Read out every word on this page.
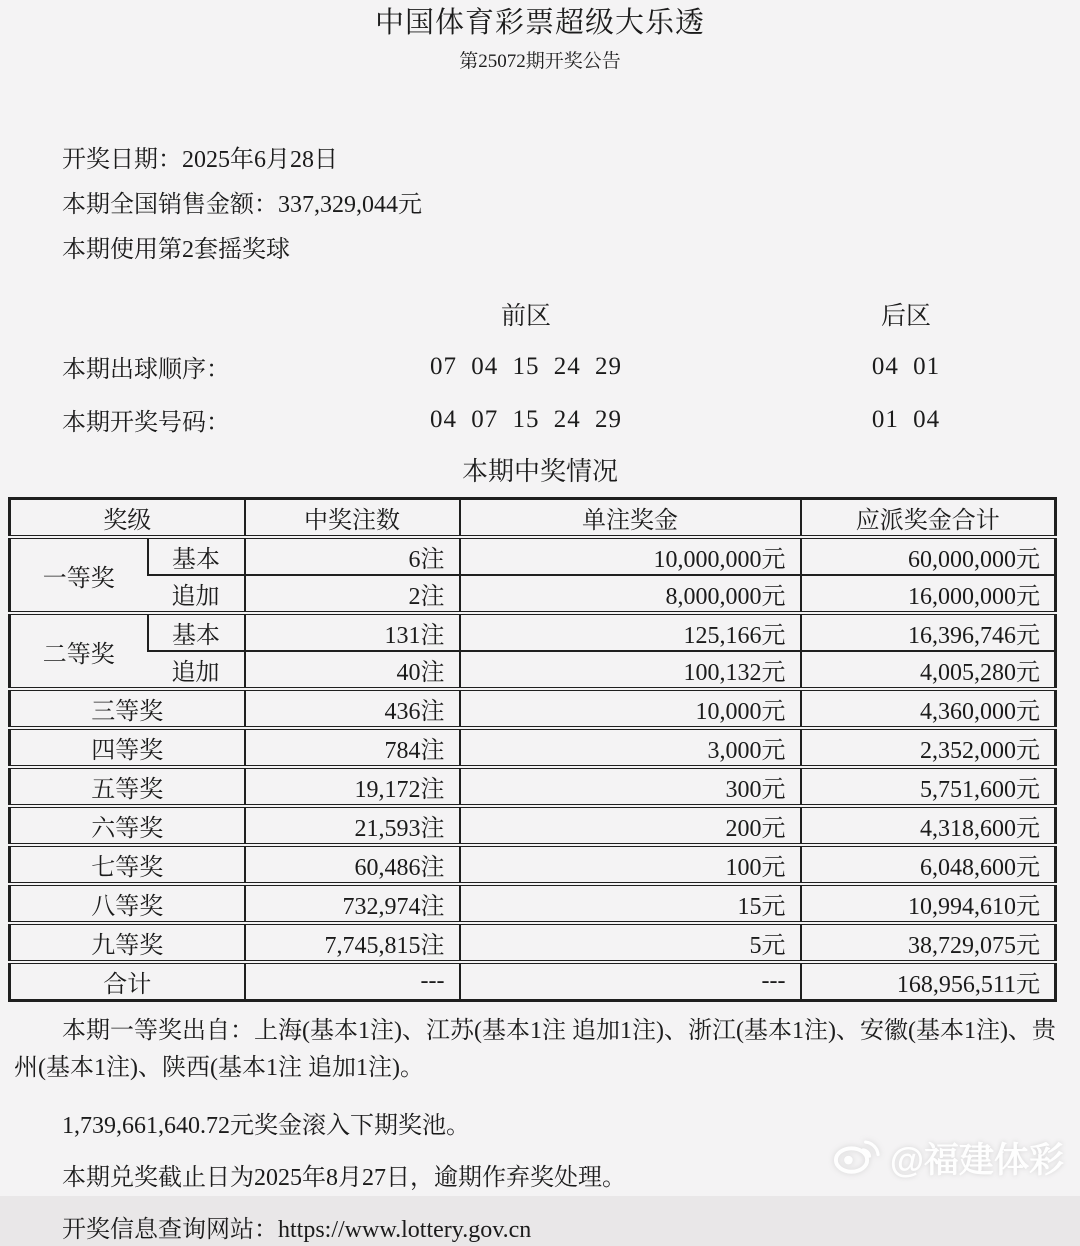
中国体育彩票超级大乐透
第25072期开奖公告
开奖日期：2025年6月28日
本期全国销售金额：337,329,044元
本期使用第2套摇奖球
前区	后区
本期出球顺序：	07 04 15 24 29	04 01
本期开奖号码：	04 07 15 24 29	01 04
本期中奖情况
奖级		中奖注数	单注奖金	应派奖金合计
一等奖	基本	6注	10,000,000元	60,000,000元
	追加	2注	8,000,000元	16,000,000元
二等奖	基本	131注	125,166元	16,396,746元
	追加	40注	100,132元	4,005,280元
三等奖		436注	10,000元	4,360,000元
四等奖		784注	3,000元	2,352,000元
五等奖		19,172注	300元	5,751,600元
六等奖		21,593注	200元	4,318,600元
七等奖		60,486注	100元	6,048,600元
八等奖		732,974注	15元	10,994,610元
九等奖		7,745,815注	5元	38,729,075元
合计		---	---	168,956,511元
本期一等奖出自：上海(基本1注)、江苏(基本1注 追加1注)、浙江(基本1注)、安徽(基本1注)、贵州(基本1注)、陕西(基本1注 追加1注)。
1,739,661,640.72元奖金滚入下期奖池。
本期兑奖截止日为2025年8月27日，逾期作弃奖处理。
开奖信息查询网站：https://www.lottery.gov.cn
@福建体彩
